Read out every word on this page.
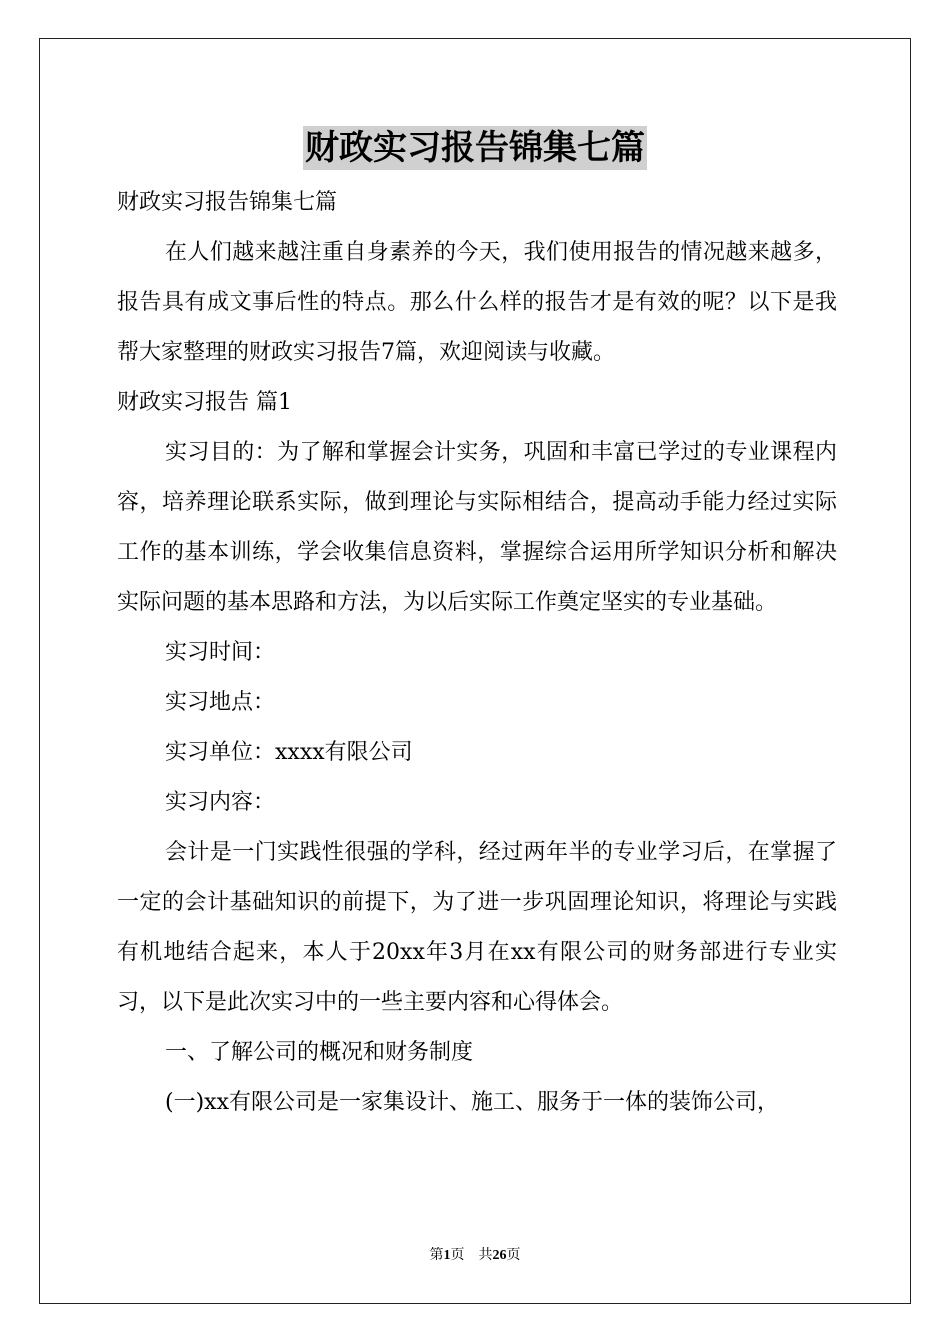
财政实习报告锦集七篇

财政实习报告锦集七篇

在人们越来越注重自身素养的今天，我们使用报告的情况越来越多，报告具有成文事后性的特点。那么什么样的报告才是有效的呢？以下是我帮大家整理的财政实习报告7篇，欢迎阅读与收藏。

财政实习报告 篇1

实习目的：为了解和掌握会计实务，巩固和丰富已学过的专业课程内容，培养理论联系实际，做到理论与实际相结合，提高动手能力经过实际工作的基本训练，学会收集信息资料，掌握综合运用所学知识分析和解决实际问题的基本思路和方法，为以后实际工作奠定坚实的专业基础。

实习时间：

实习地点：

实习单位：xxxx有限公司

实习内容：

会计是一门实践性很强的学科，经过两年半的专业学习后，在掌握了一定的会计基础知识的前提下，为了进一步巩固理论知识，将理论与实践有机地结合起来，本人于20xx年3月在xx有限公司的财务部进行专业实习，以下是此次实习中的一些主要内容和心得体会。

一、了解公司的概况和财务制度

(一)xx有限公司是一家集设计、施工、服务于一体的装饰公司，

第1页 共26页
